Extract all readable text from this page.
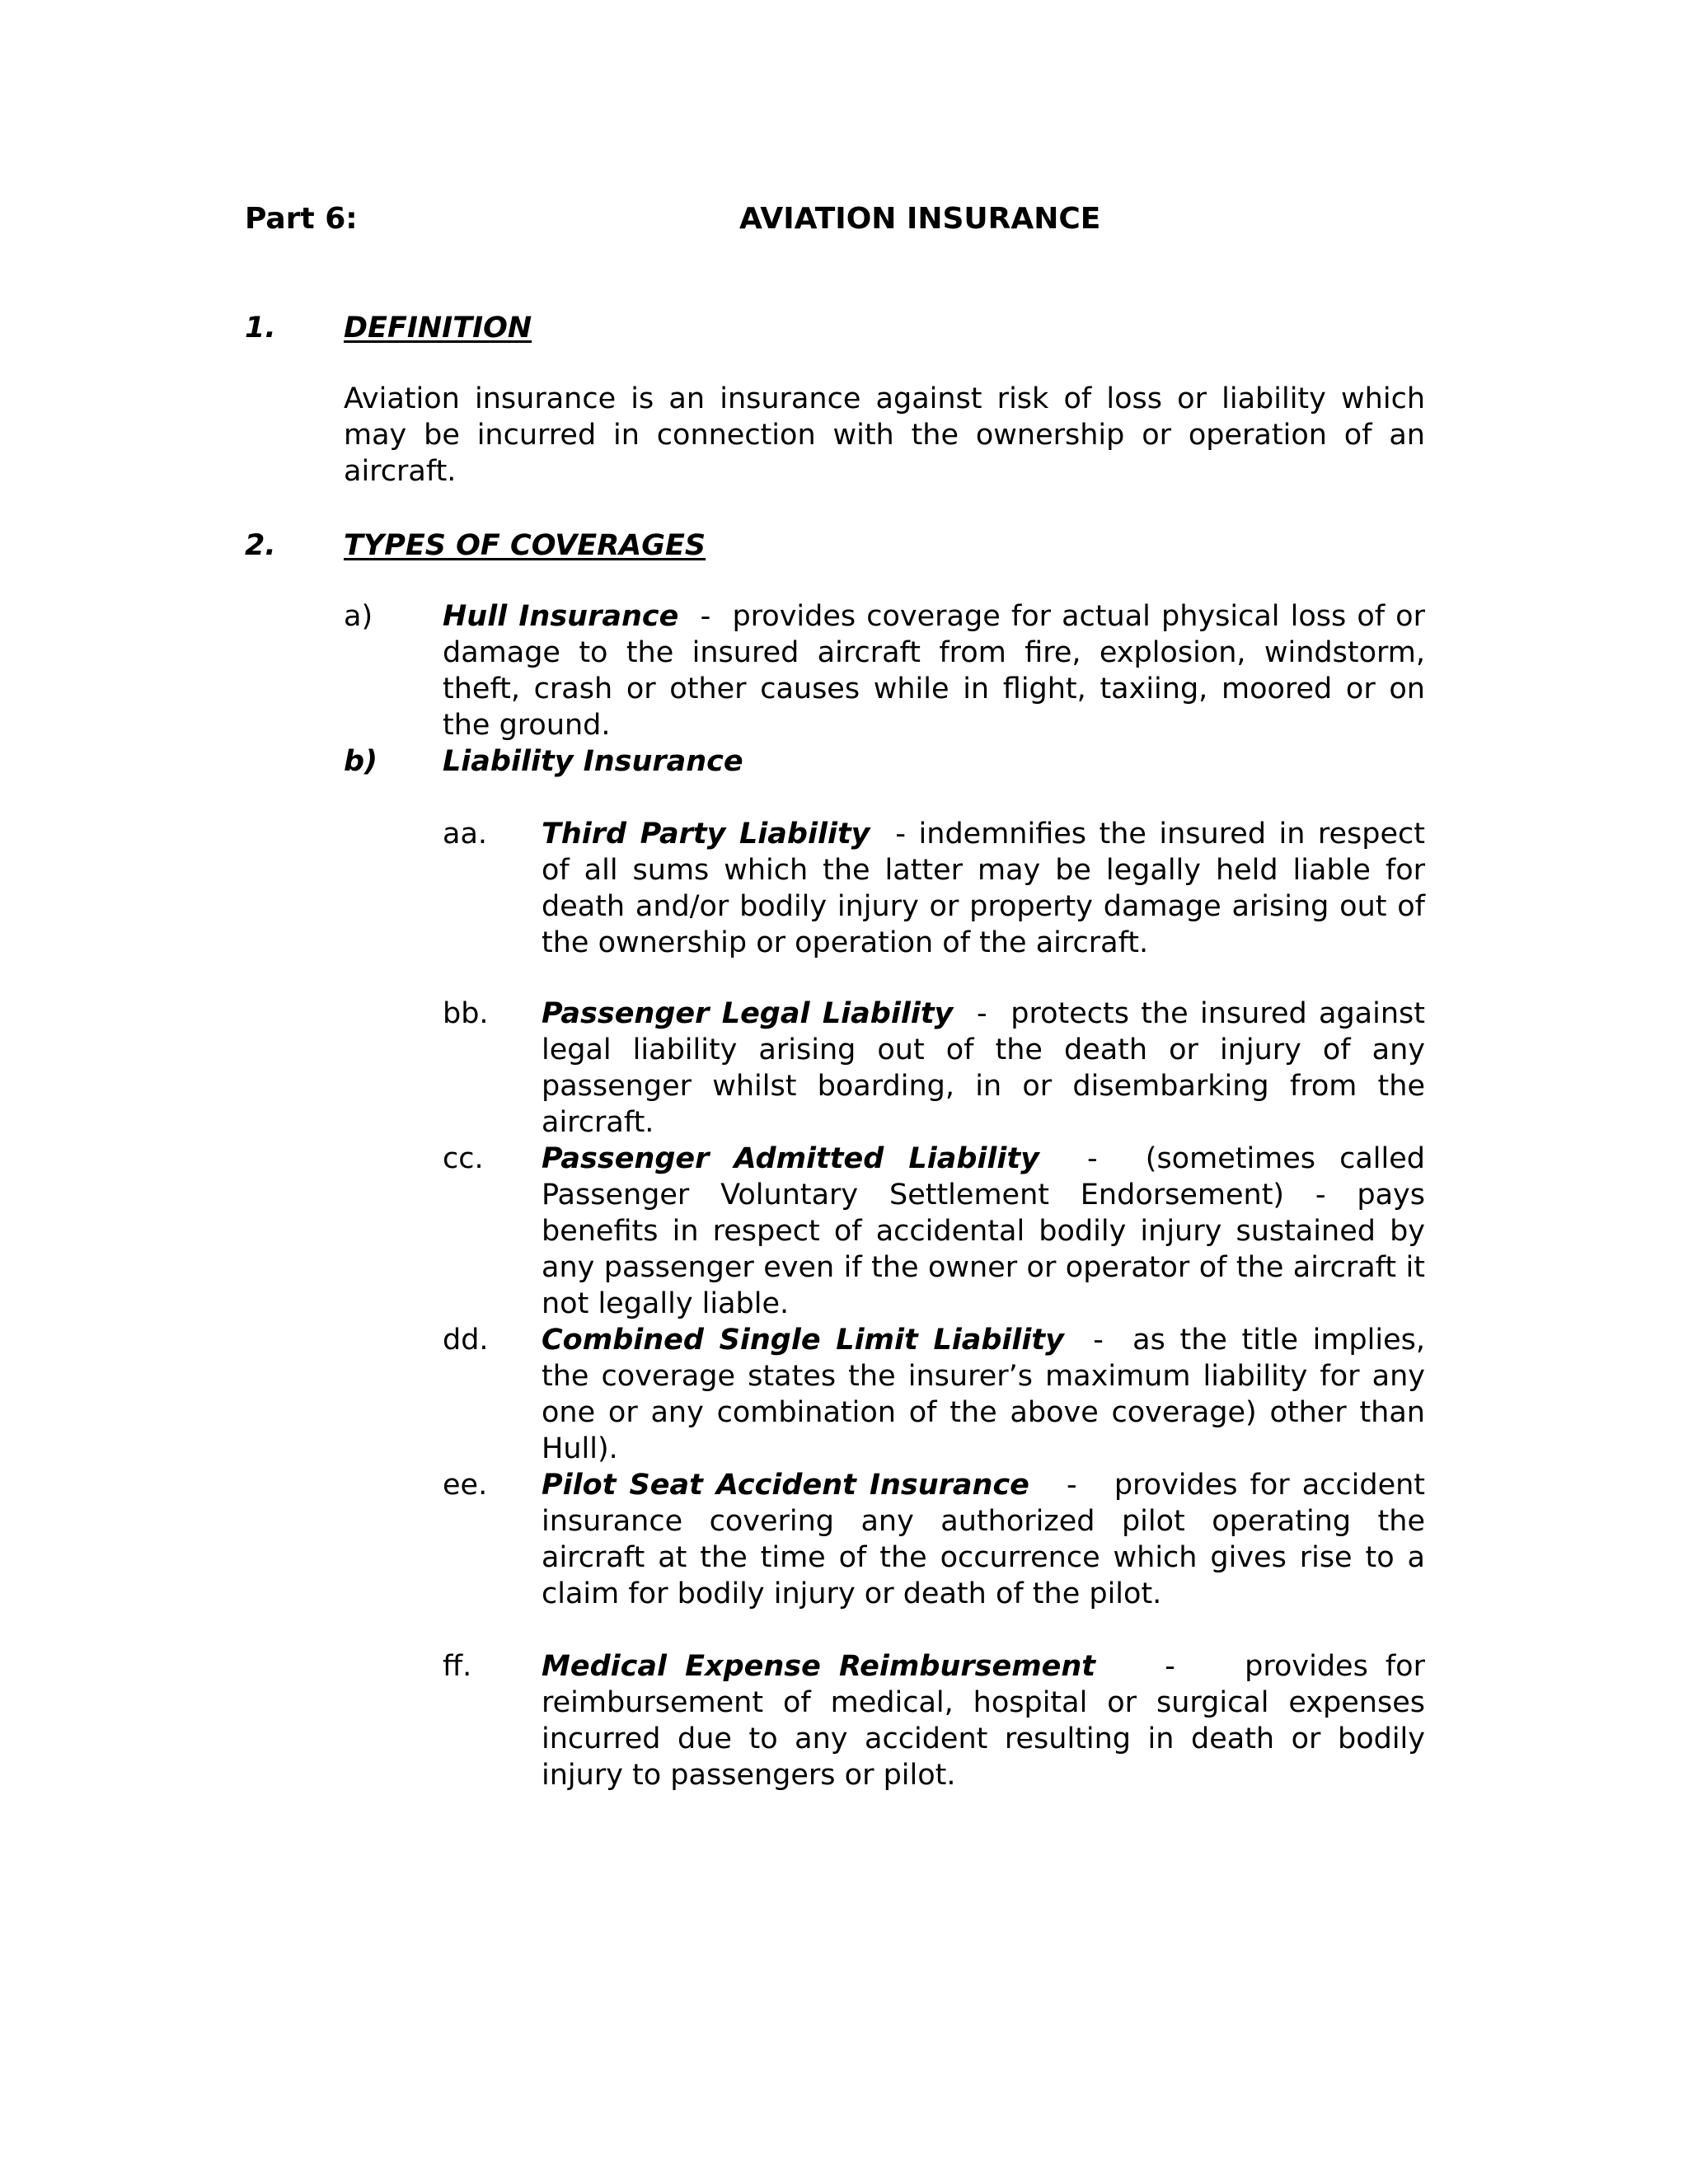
Part 6:	AVIATION INSURANCE
1. DEFINITION

Aviation insurance is an insurance against risk of loss or liability which may be incurred in connection with the ownership or operation of an aircraft.

2. TYPES OF COVERAGES
a) Hull Insurance  -  provides coverage for actual physical loss of or damage to the insured aircraft from fire, explosion, windstorm, theft, crash or other causes while in flight, taxiing, moored or on the ground.

b) Liability Insurance
aa. Third Party Liability  - indemnifies the insured in respect of all sums which the latter may be legally held liable for death and/or bodily injury or property damage arising out of the ownership or operation of the aircraft.

bb. Passenger Legal Liability  -  protects the insured against legal liability arising out of the death or injury of any passenger whilst boarding, in or disembarking from the aircraft.

cc. Passenger Admitted Liability  -  (sometimes called Passenger Voluntary Settlement Endorsement) - pays benefits in respect of accidental bodily injury sustained by any passenger even if the owner or operator of the aircraft it not legally liable.

dd. Combined Single Limit Liability  -  as the title implies, the coverage states the insurer’s maximum liability for any one or any combination of the above coverage) other than Hull).

ee. Pilot Seat Accident Insurance   -   provides for accident insurance covering any authorized pilot operating the aircraft at the time of the occurrence which gives rise to a claim for bodily injury or death of the pilot.

ff. Medical Expense Reimbursement    -    provides for reimbursement of medical, hospital or surgical expenses incurred due to any accident resulting in death or bodily injury to passengers or pilot.
